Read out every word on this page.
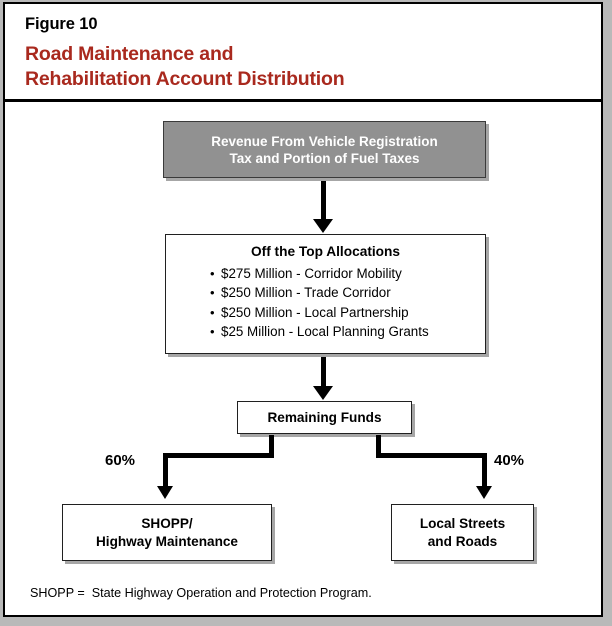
Figure 10
Road Maintenance and
Rehabilitation Account Distribution
Revenue From Vehicle Registration
Tax and Portion of Fuel Taxes
Off the Top Allocations
• $275 Million - Corridor Mobility
• $250 Million - Trade Corridor
• $250 Million - Local Partnership
• $25 Million - Local Planning Grants
Remaining Funds
60%	40%
SHOPP/
Highway Maintenance
Local Streets
and Roads
SHOPP =  State Highway Operation and Protection Program.
